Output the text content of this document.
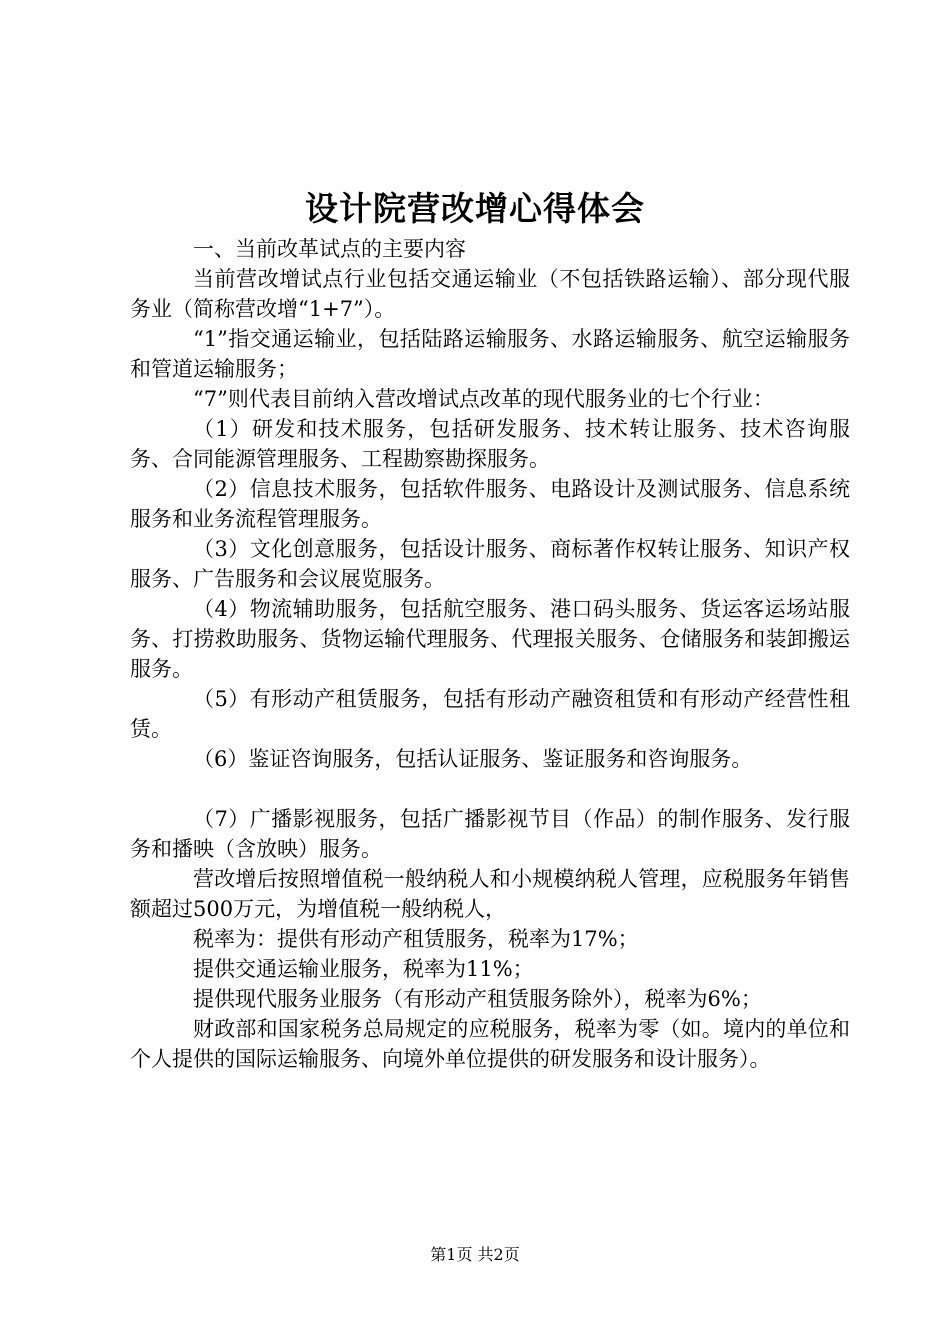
设计院营改增心得体会

一、当前改革试点的主要内容

当前营改增试点行业包括交通运输业（不包括铁路运输）、部分现代服务业（简称营改增“1+7”）。

“1”指交通运输业，包括陆路运输服务、水路运输服务、航空运输服务和管道运输服务；

“7”则代表目前纳入营改增试点改革的现代服务业的七个行业：

（1）研发和技术服务，包括研发服务、技术转让服务、技术咨询服务、合同能源管理服务、工程勘察勘探服务。

（2）信息技术服务，包括软件服务、电路设计及测试服务、信息系统服务和业务流程管理服务。

（3）文化创意服务，包括设计服务、商标著作权转让服务、知识产权服务、广告服务和会议展览服务。

（4）物流辅助服务，包括航空服务、港口码头服务、货运客运场站服务、打捞救助服务、货物运输代理服务、代理报关服务、仓储服务和装卸搬运服务。

（5）有形动产租赁服务，包括有形动产融资租赁和有形动产经营性租赁。

（6）鉴证咨询服务，包括认证服务、鉴证服务和咨询服务。

（7）广播影视服务，包括广播影视节目（作品）的制作服务、发行服务和播映（含放映）服务。

营改增后按照增值税一般纳税人和小规模纳税人管理，应税服务年销售额超过500万元，为增值税一般纳税人，

税率为：提供有形动产租赁服务，税率为17%；

提供交通运输业服务，税率为11%；

提供现代服务业服务（有形动产租赁服务除外），税率为6%；

财政部和国家税务总局规定的应税服务，税率为零（如。境内的单位和个人提供的国际运输服务、向境外单位提供的研发服务和设计服务）。

第1页 共2页
